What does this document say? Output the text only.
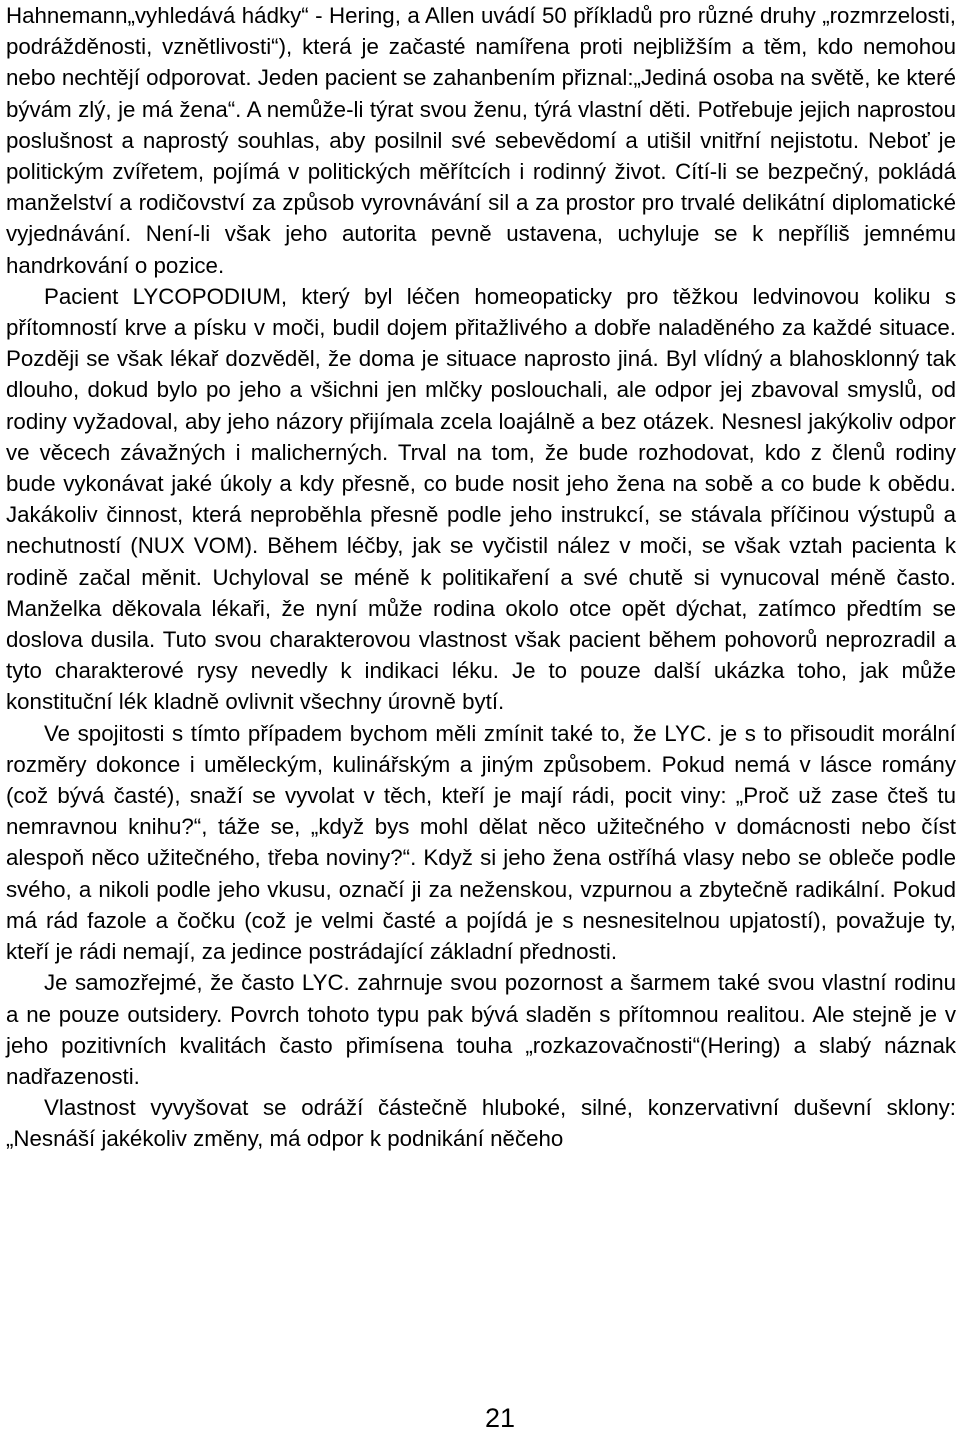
Hahnemann„vyhledává hádky“ - Hering, a Allen uvádí 50 příkladů pro různé druhy „rozmrzelosti, podrážděnosti, vznětlivosti“), která je začasté namířena proti nejbližším a těm, kdo nemohou nebo nechtějí odporovat. Jeden pacient se zahanbením přiznal:„Jediná osoba na světě, ke které bývám zlý, je má žena“. A nemůže-li týrat svou ženu, týrá vlastní děti. Potřebuje jejich naprostou poslušnost a naprostý souhlas, aby posilnil své sebevědomí a utišil vnitřní nejistotu. Neboť je politickým zvířetem, pojímá v politických měřítcích i rodinný život. Cítí-li se bezpečný, pokládá manželství a rodičovství za způsob vyrovnávání sil a za prostor pro trvalé delikátní diplomatické vyjednávání. Není-li však jeho autorita pevně ustavena, uchyluje se k nepříliš jemnému handrkování o pozice.

Pacient LYCOPODIUM, který byl léčen homeopaticky pro těžkou ledvinovou koliku s přítomností krve a písku v moči, budil dojem přitažlivého a dobře naladěného za každé situace. Později se však lékař dozvěděl, že doma je situace naprosto jiná. Byl vlídný a blahosklonný tak dlouho, dokud bylo po jeho a všichni jen mlčky poslouchali, ale odpor jej zbavoval smyslů, od rodiny vyžadoval, aby jeho názory přijímala zcela loajálně a bez otázek. Nesnesl jakýkoliv odpor ve věcech závažných i malicherných. Trval na tom, že bude rozhodovat, kdo z členů rodiny bude vykonávat jaké úkoly a kdy přesně, co bude nosit jeho žena na sobě a co bude k obědu. Jakákoliv činnost, která neproběhla přesně podle jeho instrukcí, se stávala příčinou výstupů a nechutností (NUX VOM). Během léčby, jak se vyčistil nález v moči, se však vztah pacienta k rodině začal měnit. Uchyloval se méně k politikaření a své chutě si vynucoval méně často. Manželka děkovala lékaři, že nyní může rodina okolo otce opět dýchat, zatímco předtím se doslova dusila. Tuto svou charakterovou vlastnost však pacient během pohovorů neprozradil a tyto charakterové rysy nevedly k indikaci léku. Je to pouze další ukázka toho, jak může konstituční lék kladně ovlivnit všechny úrovně bytí.

Ve spojitosti s tímto případem bychom měli zmínit také to, že LYC. je s to přisoudit morální rozměry dokonce i uměleckým, kulinářským a jiným způsobem. Pokud nemá v lásce romány (což bývá časté), snaží se vyvolat v těch, kteří je mají rádi, pocit viny: „Proč už zase čteš tu nemravnou knihu?“, táže se, „když bys mohl dělat něco užitečného v domácnosti nebo číst alespoň něco užitečného, třeba noviny?“. Když si jeho žena ostříhá vlasy nebo se obleče podle svého, a nikoli podle jeho vkusu, označí ji za neženskou, vzpurnou a zbytečně radikální. Pokud má rád fazole a čočku (což je velmi časté a pojídá je s nesnesitelnou upjatostí), považuje ty, kteří je rádi nemají, za jedince postrádající základní přednosti.

Je samozřejmé, že často LYC. zahrnuje svou pozornost a šarmem také svou vlastní rodinu a ne pouze outsidery. Povrch tohoto typu pak bývá sladěn s přítomnou realitou. Ale stejně je v jeho pozitivních kvalitách často přimísena touha „rozkazovačnosti“(Hering) a slabý náznak nadřazenosti.

Vlastnost vyvyšovat se odráží částečně hluboké, silné, konzervativní duševní sklony:„Nesnáší jakékoliv změny, má odpor k podnikání něčeho

21
